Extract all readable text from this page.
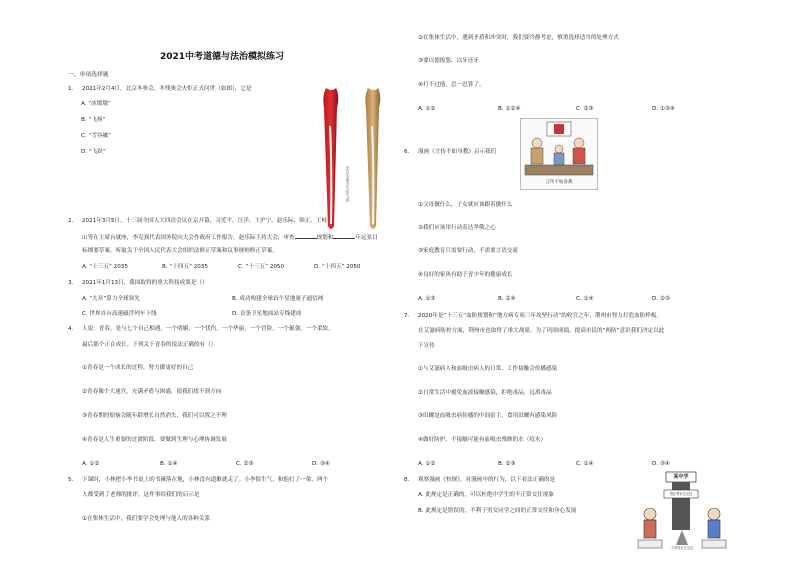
2021中考道德与法治模拟练习
一、单项选择题
1. 2021年2月4日，北京冬奥会、冬残奥会火炬正式问世（如图），它是
A. “冰墩墩”
B. “飞扬”
C. “雪容融”
D. “飞跃”
北京冬奥会火炬飞扬
2. 2021年3月5日，十三届全国人大四次会议在京开幕，习近平、汪洋、王沪宁、赵乐际、韩正、王岐
山等在主席台就座，李克强代表国务院向大会作政府工作报告。赵乐际主持大会，审查	规划和	年远景目
标纲要草案，听取关于全国人民代表大会组织法修正草案和议事规则修正草案。
A. “十三五” 2035	B. “十四五” 2035	C. “十三五” 2050	D. “十四五” 2050
3. 2021年1月13日，我国取得的重大科技成果是（）
A. “九章”算力全球领先	B. 成功构建全球首个星地量子通信网
C. 世界首台高速磁浮列车下线	D. 首条卫星地面站专线建成
4. 人说：青春，是与七个自己相遇，一个明媚，一个忧伤，一个华丽，一个冒险，一个倔强，一个柔软，
最后那个正在成长。下列关于青春的说法正确的有（）
①青春是一个成长的过程，努力做更好的自己
②青春像个大迷宫，充满矛盾与困惑，使我们找不到方向
③青春期的烦恼会随年龄增长自然消失，我们可以置之不理
④青春是人生重要的过渡阶段，要做到生理与心理协调发展
A. ①②	B. ①④	C. ②③	D. ③④
5. 下课时，小林把小李书桌上的书碰落在地，小林没有道歉就走了。小李很生气，和他打了一架，两个
人都受到了老师的批评。这件事给我们的启示是
①在集体生活中，我们要学会处理与他人的各种关系
②在集体生活中，遇到矛盾和冲突时，我们要冷静考虑，慎重选择适当的处理方式
③要以德报怨，以牙还牙
④打不过他，忍一忍算了。
A. ①②	B. ①②④	C. ②③	D. ①③④
6. 漫画《言传不如身教》启示我们
言传不如身教
①父母做什么，子女就应该跟着做什么
②我们应该用行动表达孝敬之心
③家庭教育只需要行动，不需要言语交流
④良好的家风有助于青少年的健康成长
A. ①③	B. ②④	C. ①④	D. ②③
7. 2020年是“十三五”血防规划和“地方病专项三年攻坚行动”的收官之年，荆州市努力打造血防样板。
在艾滋病防控方面，荆州市也取得了重大战果。为了巩固成绩，提高市民的“两防”意识我们决定以此
下宣传
①与艾滋病人和血吸虫病人的日常、工作接触会传播感染
②日常生活中避免血液接触感染，拒绝毒品，远离毒品
③田螺是血吸虫病传播的中间宿主，食用田螺有感染风险
④做好防护，不接触可能有血吸虫残骸的水（疫水）
A. ①②	B. ②③	C. ①④	D. ③④
8. 观察漫画《校规》，对漫画中的行为，以下看法正确的是
A. 此规定是正确的，可以杜绝中学生的不正常交往现象
B. 此规定是错误的，不利于男女同学之间的正常交往和身心发展
某中学
禁止男女生交往
不准男女生交往
